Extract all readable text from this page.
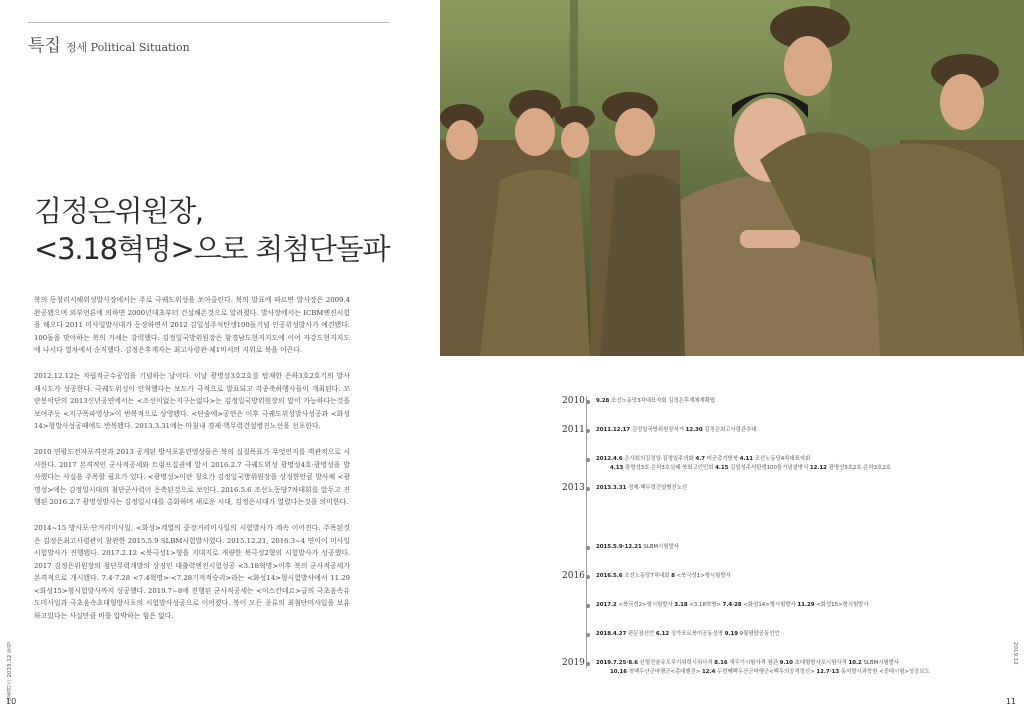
특집 정세 Political Situation
김정은위원장,
<3.18혁명>으로 최첨단돌파

북의 동창리서해위성발사장에서는 주로 극궤도위성을 쏘아올린다. 북의 발표에 따르면 발사장은 2009.4 완공됐으며 외부언론에 의하면 2000년대초부터 건설해온것으로 알려졌다. 발사장에서는 ICBM엔진시험을 해오다 2011 미사일발사대가 등장하면서 2012 김일성주석탄생100돌기념 인공위성발사가 예견됐다. 100돌을 맞아하는 북의 기세는 강력했다. 김정일국방위원장은 함경남도현지지도에 이어 자강도현지지도에 나서다 열차에서 순직했다. 김정은후계자는 최고사령관·제1비서의 지위로 북을 이끈다.

2012.12.12는 자립적군수공업을 기념하는 날이다. 이날 광명성3호2호를 탑재한 은하3호2호기의 발사재시도가 성공한다. 극궤도위성이 안착했다는 보도가 극적으로 발표되고 각종축하행사들이 개최된다. 모란봉악단의 2013신년공연에서는 <조선이없는지구는없다>는 김정일국방위원장의 말이 가능하다는것을 보여주듯 <지구폭파영상>이 반복적으로 상영됐다. <단숨에>공연은 이후 극궤도위성발사성공과 <화성14>형발사성공때에도 반복됐다. 2013.3.31에는 마침내 경제·핵무력건설병진노선을 선포한다.

2010 연평도전자포격전과 2013 공개된 방사포훈련영상들은 북의 실질목표가 무엇인지를 객관적으로 시사한다. 2017 본격적인 군사적공세와 트럼프집권에 앞서 2016.2.7 극궤도위성 광명성4호·광명성을 발사했다는 사실을 주목할 필요가 있다. <광명성>이란 칭호가 김정일국방위원장을 상징한만큼 발사체 <광명성>에는 김정일시대의 첨단군사력이 응축된것으로 보인다. 2016.5.6 조선노동당7차대회를 앞두고 진행된 2016.2.7 광명성발사는 김정일시대를 총화하며 새로운 시대, 김정은시대가 열렸다는것을 의미한다.

2014~15 방사포·단거리미사일, <화성>계열의 중장거리미사일의 시험발사가 계속 이어진다. 주목된것은 김정은최고사령관이 참관한 2015.5.9 SLBM시험발사였다. 2015.12.21, 2016.3~4 연이어 미사일시험발사가 진행됐다. 2017.2.12 <북극성1>형을 지대지로 개량한 북극성2형의 시험발사가 성공했다. 2017 김정은위원장의 첨단무력개발의 상징인 대출력엔진시험성공 <3.18혁명>이후 북의 군사적공세가 본격적으로 개시됐다. 7.4·7.28 <7.4혁명>·<7.28기적적승리>라는 <화성14>형시험발사에서 11.29 <화성15>형시험발사까지 성공했다. 2019.7~8에 진행된 군사적공세는 <이스칸데르>급의 극초음속유도미사일과 극초음속초대형방사포의 시험발사성공으로 이어졌다. 북이 모든 종류의 최첨단미사일을 보유하고있다는 사실만큼 비틀 압박하는 힘은 없다.

민플러스 2019.12 통일	2019.12
10	11
2010 9.28 조선노동당3차대표자회 김정은후계체계확립
2011 2011.12.17 김정일국방위원장서거 12.30 김정은최고사령관추대
2012.4.6 은사회의김정일·김정일주의화 4.7 미군총기방북 4.11 조선노동당4차대표자회
4.13 광명성3호·은하3호실패 북회고인민회 4.15 김일성주석탄생100돌기념열병식 12.12 광명성3호2호·은하3호2호
2013 2013.3.31 경제·핵무력건설병진노선
2015.5.9·12.21 SLBM시험발사
2016 2016.5.6 조선노동당7차대회 8 <북극성1>형시험발사
2017.2 <북극성2>형시험발사 3.18 <3.18혁명> 7.4·28 <화성14>형시험발사 11.29 <화성15>형시험발사
2018.4.27 판문점선언 6.12 싱가포르북미공동성명 9.19 9월평양공동선언
2019 2019.7.25·8.6 신형전술유도무기위력시위사격 8.16 새무기시험사격 참관 9.10 초대형방사포시험사격 10.2 SLBM시험발사
10.16 첫백두산군마행군<총대행진> 12.4 두번째백두산군마행군<백두의공격정신> 12.7·13 동석발사과학원 <중대시험>성공보도
